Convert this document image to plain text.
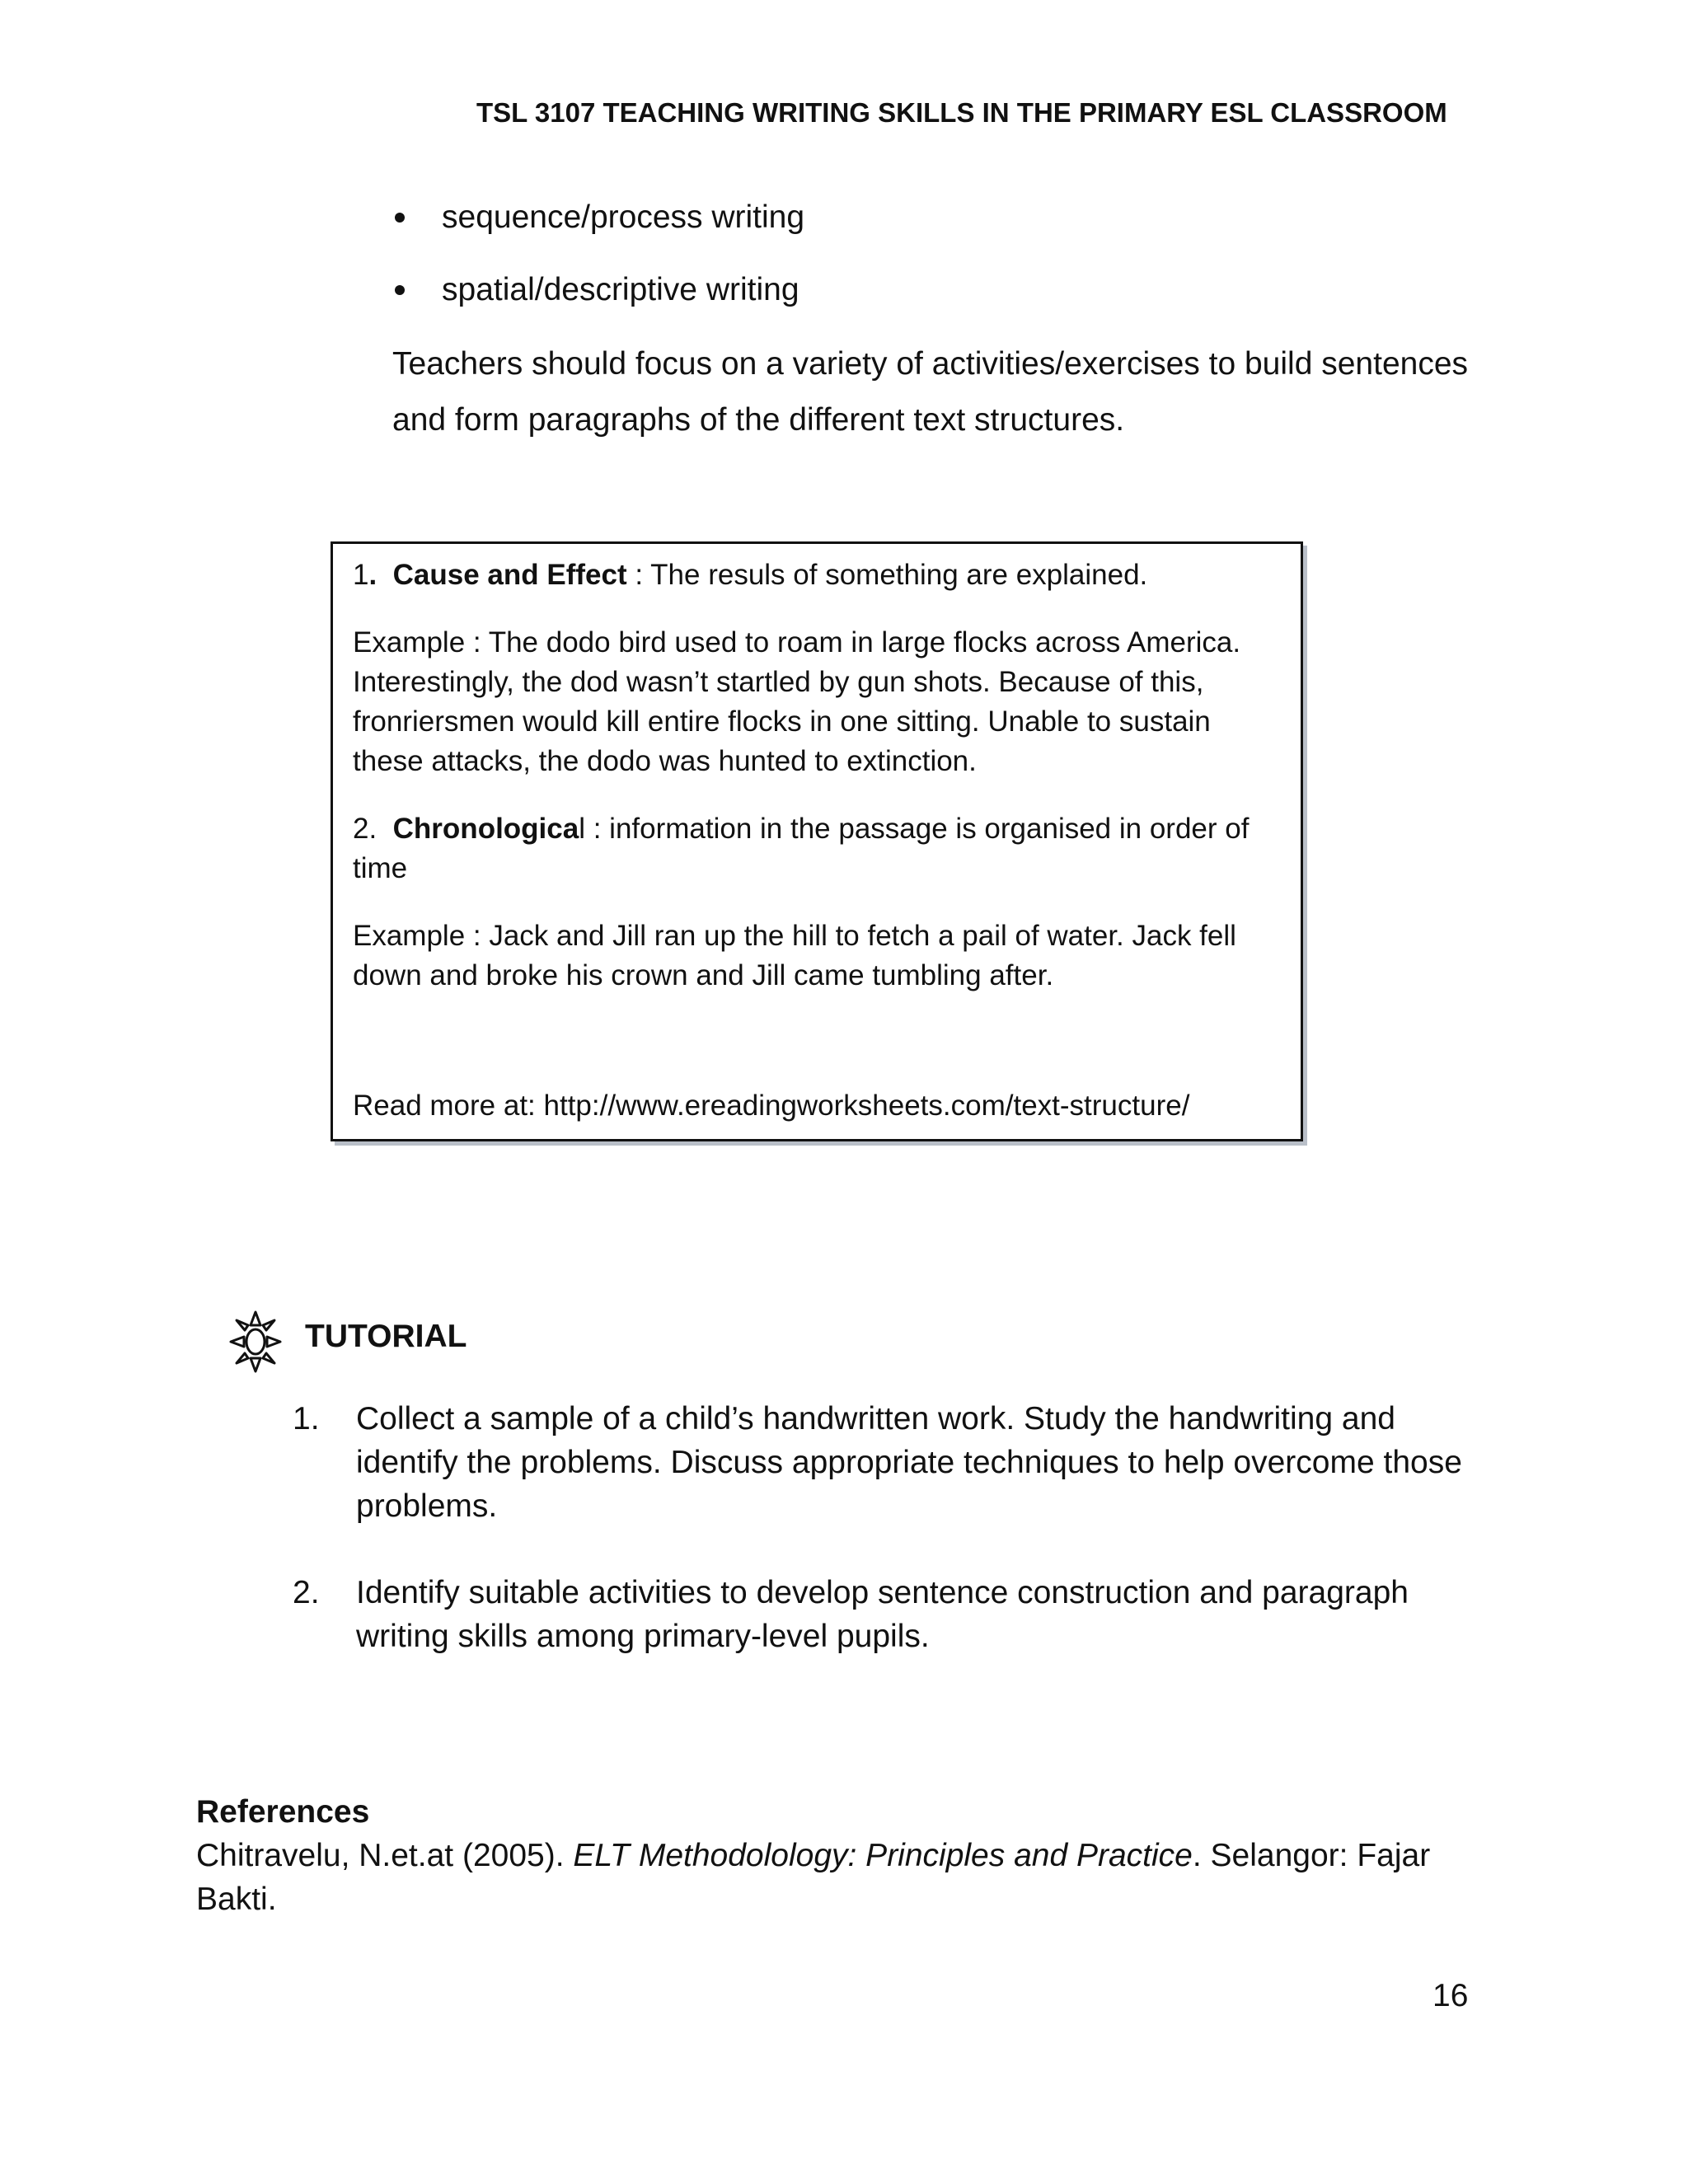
TSL 3107 TEACHING WRITING SKILLS IN THE PRIMARY ESL CLASSROOM
sequence/process writing
spatial/descriptive writing
Teachers should focus on a variety of activities/exercises to build sentences and form paragraphs of the different text structures.

1. Cause and Effect : The resuls of something are explained.

Example : The dodo bird used to roam in large flocks across America. Interestingly, the dod wasn’t startled by gun shots. Because of this, fronriersmen would kill entire flocks in one sitting. Unable to sustain these attacks, the dodo was hunted to extinction.

2. Chronological : information in the passage is organised in order of time

Example : Jack and Jill ran up the hill to fetch a pail of water. Jack fell down and broke his crown and Jill came tumbling after.

Read more at: http://www.ereadingworksheets.com/text-structure/

TUTORIAL
1. Collect a sample of a child’s handwritten work. Study the handwriting and identify the problems. Discuss appropriate techniques to help overcome those problems.
2. Identify suitable activities to develop sentence construction and paragraph writing skills among primary-level pupils.
References
Chitravelu, N.et.at (2005). ELT Methodolology: Principles and Practice. Selangor: Fajar Bakti.
16
